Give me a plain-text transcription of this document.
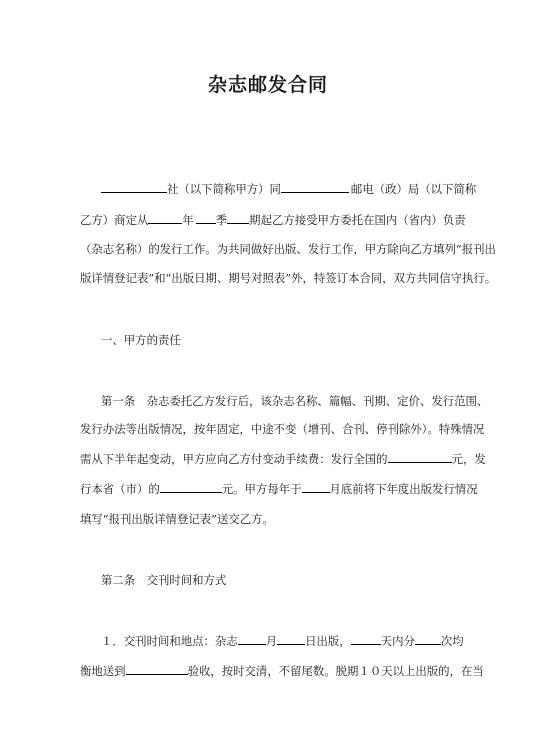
杂志邮发合同
社（以下简称甲方）同	邮电（政）局（以下简称
乙方）商定从	年 季 期起乙方接受甲方委托在国内（省内）负责
（杂志名称）的发行工作。为共同做好出版、发行工作，甲方除向乙方填列“报刊出
版详情登记表”和“出版日期、期号对照表”外，特签订本合同，双方共同信守执行。
一、甲方的责任
第一条　杂志委托乙方发行后，该杂志名称、篇幅、刊期、定价、发行范围、
发行办法等出版情况，按年固定，中途不变（增刊、合刊、停刊除外）。特殊情况
需从下半年起变动，甲方应向乙方付变动手续费：发行全国的	元，发
行本省（市）的	元。甲方每年于 月底前将下年度出版发行情况
填写“报刊出版详情登记表”送交乙方。
第二条　交刊时间和方式
１．交刊时间和地点：杂志 月 日出版，	天内分 次均
衡地送到	验收，按时交清，不留尾数。脱期１０天以上出版的，在当
